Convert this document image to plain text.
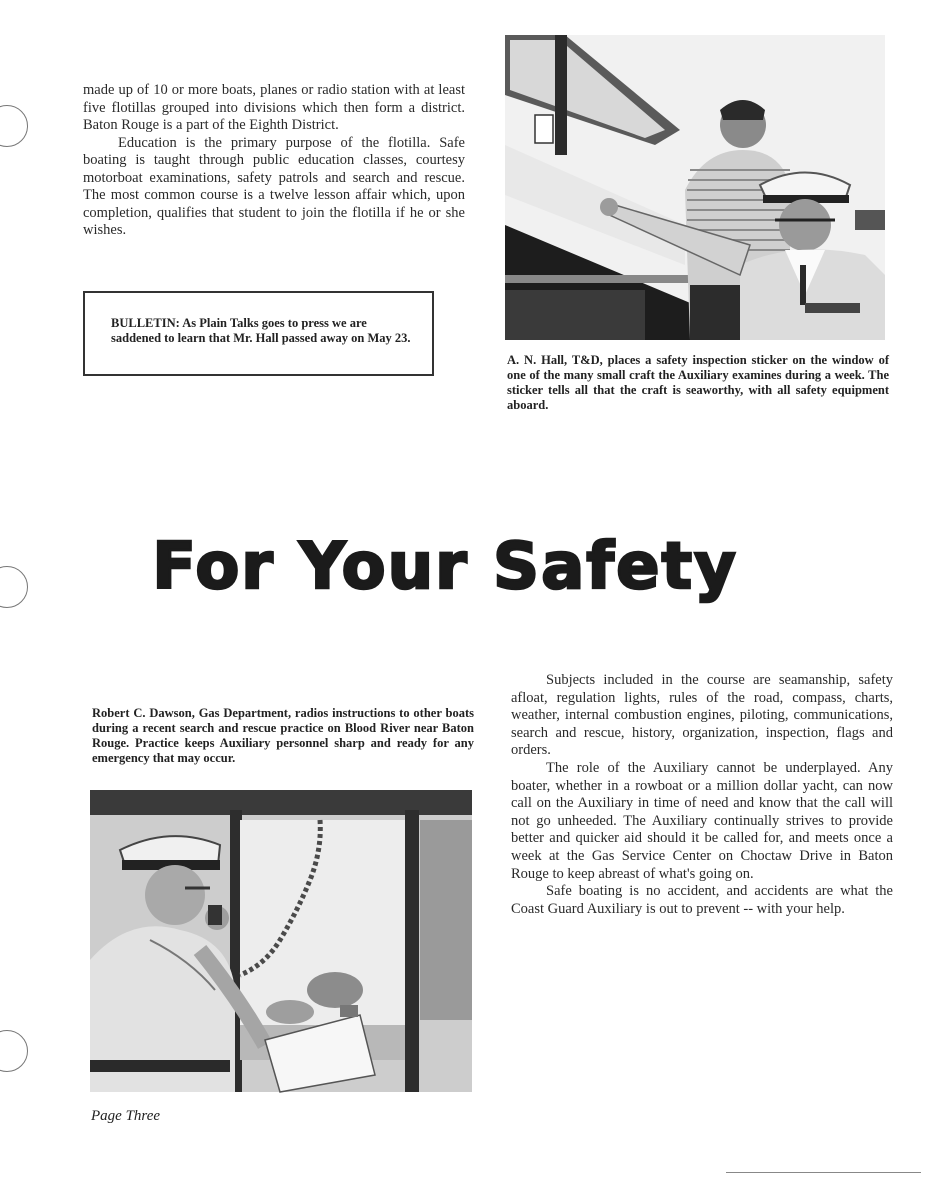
made up of 10 or more boats, planes or radio station with at least five flotillas grouped into divisions which then form a district. Baton Rouge is a part of the Eighth District.

Education is the primary purpose of the flotilla. Safe boating is taught through public education classes, courtesy motorboat examinations, safety patrols and search and rescue. The most common course is a twelve lesson affair which, upon completion, qualifies that student to join the flotilla if he or she wishes.

BULLETIN: As Plain Talks goes to press we are saddened to learn that Mr. Hall passed away on May 23.
A. N. Hall, T&D, places a safety inspection sticker on the window of one of the many small craft the Auxiliary examines during a week. The sticker tells all that the craft is seaworthy, with all safety equipment aboard.
For Your Safety
Robert C. Dawson, Gas Department, radios instructions to other boats during a recent search and rescue practice on Blood River near Baton Rouge. Practice keeps Auxiliary personnel sharp and ready for any emergency that may occur.

Subjects included in the course are seamanship, safety afloat, regulation lights, rules of the road, compass, charts, weather, internal combustion engines, piloting, communications, search and rescue, history, organization, inspection, flags and orders.

The role of the Auxiliary cannot be underplayed. Any boater, whether in a rowboat or a million dollar yacht, can now call on the Auxiliary in time of need and know that the call will not go unheeded. The Auxiliary continually strives to provide better and quicker aid should it be called for, and meets once a week at the Gas Service Center on Choctaw Drive in Baton Rouge to keep abreast of what's going on.

Safe boating is no accident, and accidents are what the Coast Guard Auxiliary is out to prevent -- with your help.

Page Three
